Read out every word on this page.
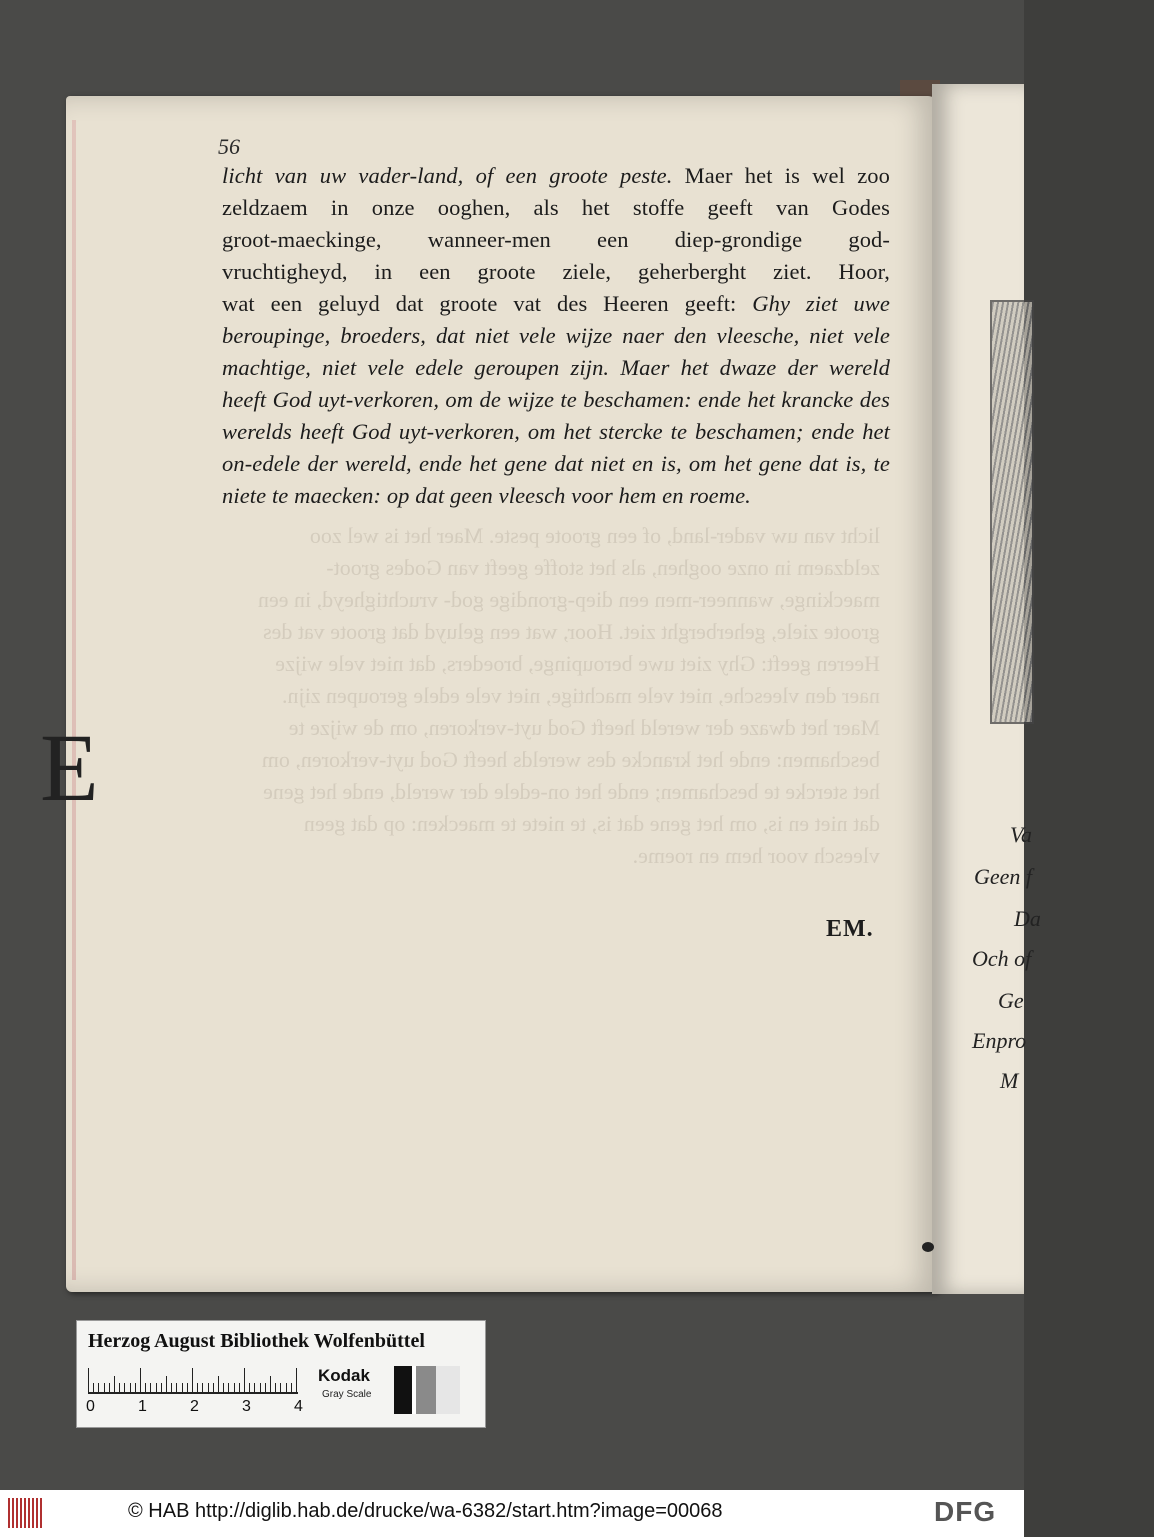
E
Va
Geen f
Da
Och of
Ge
Enpro
M
licht van uw vader-land, of een groote peste. Maer het is wel zoo zeldzaem in onze ooghen, als het stoffe geeft van Godes groot-maeckinge, wanneer-men een diep-grondige god- vruchtigheyd, in een groote ziele, geherberght ziet. Hoor, wat een geluyd dat groote vat des Heeren geeft: Ghy ziet uwe beroupinge, broeders, dat niet vele wijze naer den vleesche, niet vele machtige, niet vele edele geroupen zijn. Maer het dwaze der wereld heeft God uyt-verkoren, om de wijze te beschamen: ende het krancke des werelds heeft God uyt-verkoren, om het stercke te beschamen; ende het on-edele der wereld, ende het gene dat niet en is, om het gene dat is, te niete te maecken: op dat geen vleesch voor hem en roeme.
56
licht van uw vader-land, of een groote peste. Maer het is wel zoo
zeldzaem in onze ooghen, als het stoffe geeft van Godes
groot-maeckinge, wanneer-men een diep-grondige god-
vruchtigheyd, in een groote ziele, geherberght ziet. Hoor,
wat een geluyd dat groote vat des Heeren geeft: Ghy ziet uwe
beroupinge, broeders, dat niet vele wijze naer den vleesche, niet vele
machtige, niet vele edele geroupen zijn. Maer het dwaze der wereld
heeft God uyt-verkoren, om de wijze te beschamen: ende het krancke des
werelds heeft God uyt-verkoren, om het stercke te beschamen; ende het
on-edele der wereld, ende het gene dat niet en is, om het gene dat is, te
niete te maecken: op dat geen vleesch voor hem en roeme.
EM.
Herzog August Bibliothek Wolfenbüttel
0	1	2	3	4
Kodak
Gray Scale
© HAB http://diglib.hab.de/drucke/wa-6382/start.htm?image=00068	DFG
